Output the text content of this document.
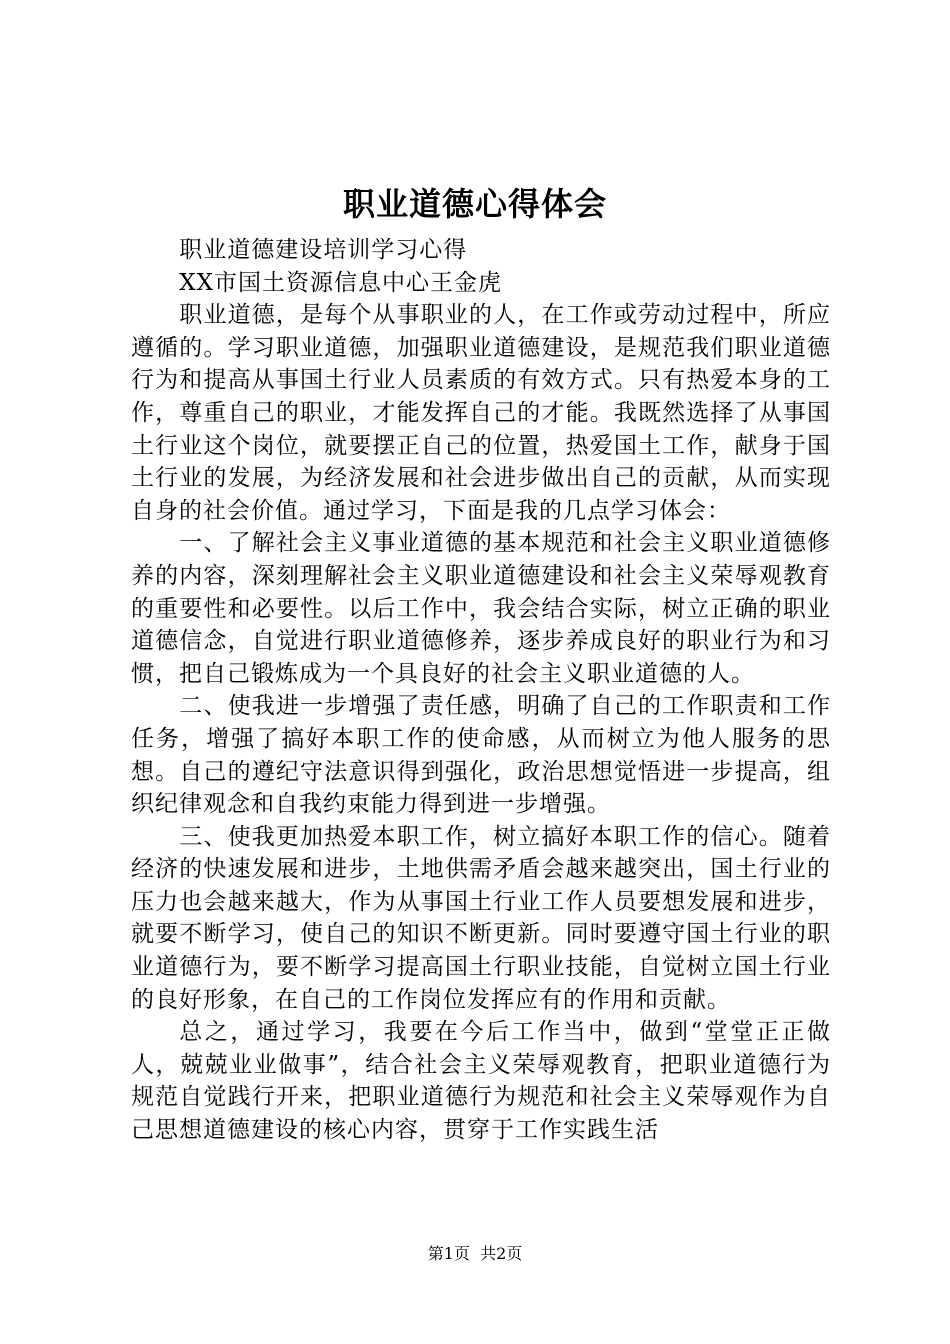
职业道德心得体会

职业道德建设培训学习心得

XX市国土资源信息中心王金虎

职业道德，是每个从事职业的人，在工作或劳动过程中，所应遵循的。学习职业道德，加强职业道德建设，是规范我们职业道德行为和提高从事国土行业人员素质的有效方式。只有热爱本身的工作，尊重自己的职业，才能发挥自己的才能。我既然选择了从事国土行业这个岗位，就要摆正自己的位置，热爱国土工作，献身于国土行业的发展，为经济发展和社会进步做出自己的贡献，从而实现自身的社会价值。通过学习，下面是我的几点学习体会：

一、了解社会主义事业道德的基本规范和社会主义职业道德修养的内容，深刻理解社会主义职业道德建设和社会主义荣辱观教育的重要性和必要性。以后工作中，我会结合实际，树立正确的职业道德信念，自觉进行职业道德修养，逐步养成良好的职业行为和习惯，把自己锻炼成为一个具良好的社会主义职业道德的人。

二、使我进一步增强了责任感，明确了自己的工作职责和工作任务，增强了搞好本职工作的使命感，从而树立为他人服务的思想。自己的遵纪守法意识得到强化，政治思想觉悟进一步提高，组织纪律观念和自我约束能力得到进一步增强。

三、使我更加热爱本职工作，树立搞好本职工作的信心。随着经济的快速发展和进步，土地供需矛盾会越来越突出，国土行业的压力也会越来越大，作为从事国土行业工作人员要想发展和进步，就要不断学习，使自己的知识不断更新。同时要遵守国土行业的职业道德行为，要不断学习提高国土行职业技能，自觉树立国土行业的良好形象，在自己的工作岗位发挥应有的作用和贡献。

总之，通过学习，我要在今后工作当中，做到“堂堂正正做人，兢兢业业做事”，结合社会主义荣辱观教育，把职业道德行为规范自觉践行开来，把职业道德行为规范和社会主义荣辱观作为自己思想道德建设的核心内容，贯穿于工作实践生活

第1页 共2页
